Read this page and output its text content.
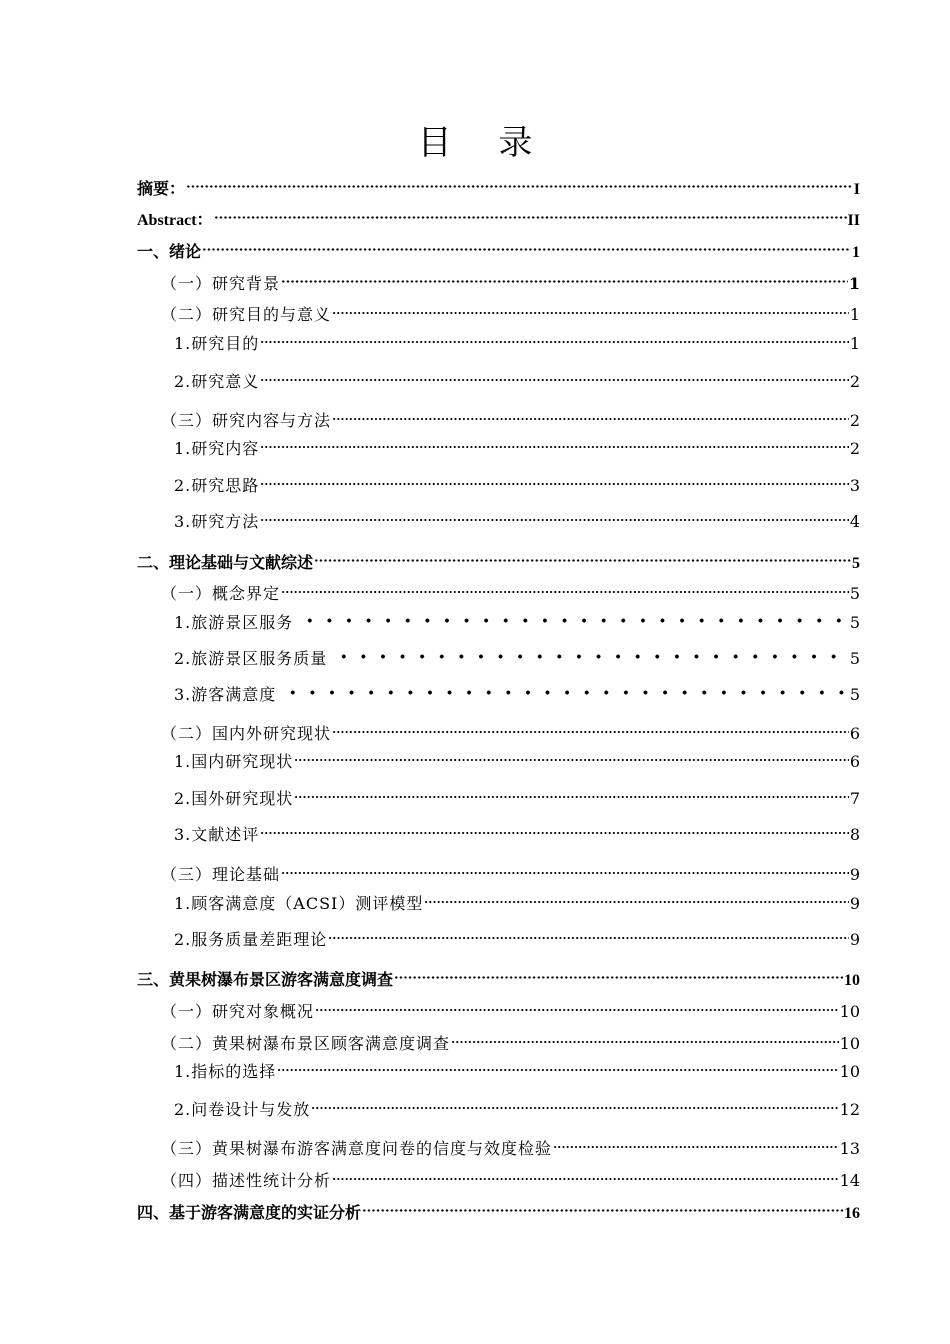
目 录
摘要：	I
Abstract：	II
一、绪论	1
（一）研究背景	1
（二）研究目的与意义	1
1.研究目的	1
2.研究意义	2
（三）研究内容与方法	2
1.研究内容	2
2.研究思路	3
3.研究方法	4
二、理论基础与文献综述	5
（一）概念界定	5
1.旅游景区服务	5
2.旅游景区服务质量	5
3.游客满意度	5
（二）国内外研究现状	6
1.国内研究现状	6
2.国外研究现状	7
3.文献述评	8
（三）理论基础	9
1.顾客满意度（ACSI）测评模型	9
2.服务质量差距理论	9
三、黄果树瀑布景区游客满意度调查	10
（一）研究对象概况	10
（二）黄果树瀑布景区顾客满意度调查	10
1.指标的选择	10
2.问卷设计与发放	12
（三）黄果树瀑布游客满意度问卷的信度与效度检验	13
（四）描述性统计分析	14
四、基于游客满意度的实证分析	16
